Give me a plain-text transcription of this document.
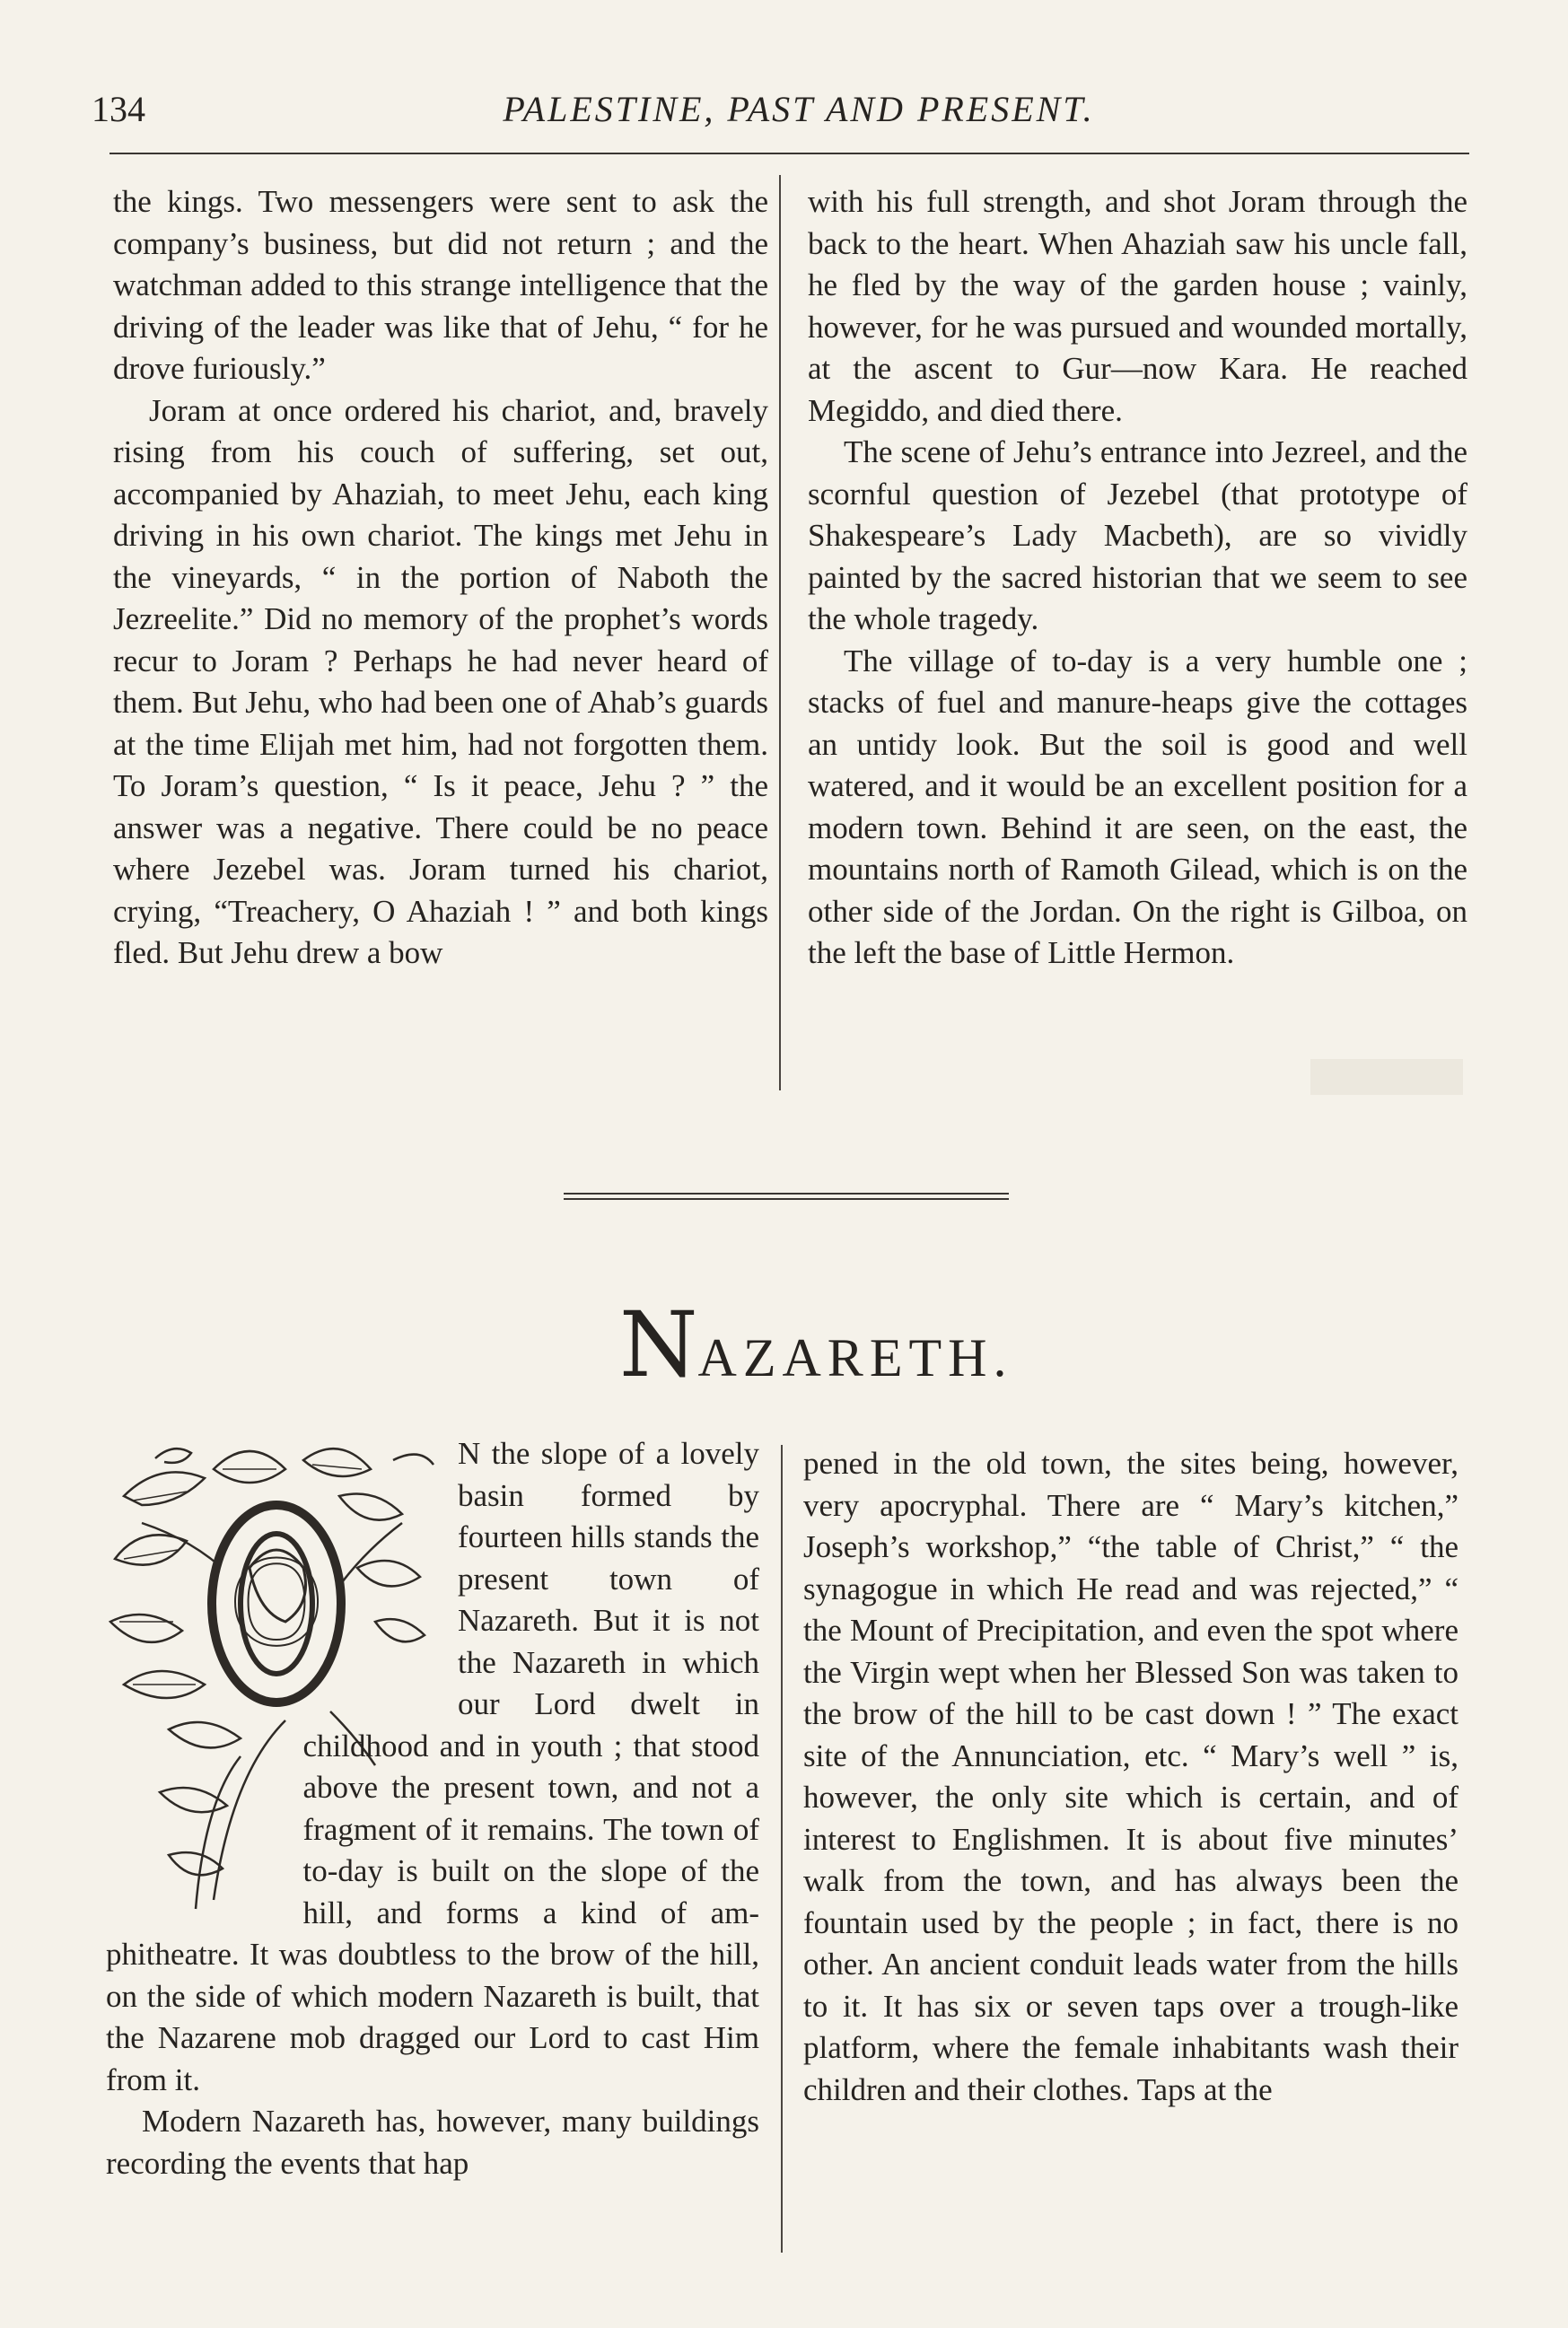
134	PALESTINE, PAST AND PRESENT.

the kings. Two messengers were sent to ask the company’s business, but did not return ; and the watchman added to this strange intelligence that the driving of the leader was like that of Jehu, “ for he drove furiously.”

Joram at once ordered his chariot, and, bravely rising from his couch of suffering, set out, accompanied by Ahaziah, to meet Jehu, each king driving in his own chariot. The kings met Jehu in the vineyards, “ in the portion of Naboth the Jezreelite.” Did no memory of the prophet’s words recur to Joram ? Perhaps he had never heard of them. But Jehu, who had been one of Ahab’s guards at the time Elijah met him, had not forgotten them. To Joram’s question, “ Is it peace, Jehu ? ” the answer was a negative. There could be no peace where Jezebel was. Joram turned his chariot, crying, “Treachery, O Ahaziah ! ” and both kings fled. But Jehu drew a bow

with his full strength, and shot Joram through the back to the heart. When Ahaziah saw his uncle fall, he fled by the way of the garden house ; vainly, however, for he was pursued and wounded mortally, at the ascent to Gur—now Kara. He reached Megiddo, and died there.

The scene of Jehu’s entrance into Jezreel, and the scornful question of Jezebel (that prototype of Shakespeare’s Lady Macbeth), are so vividly painted by the sacred historian that we seem to see the whole tragedy.

The village of to-day is a very humble one ; stacks of fuel and manure-heaps give the cottages an untidy look. But the soil is good and well watered, and it would be an excellent position for a modern town. Behind it are seen, on the east, the mountains north of Ramoth Gilead, which is on the other side of the Jordan. On the right is Gilboa, on the left the base of Little Hermon.

NAZARETH.
O

N the slope of a lovely basin formed by fourteen hills stands the present town of Nazareth. But it is not the Nazareth in which our Lord dwelt in childhood and in youth ; that stood above the present town, and not a fragment of it remains. The town of to-day is built on the slope of the hill, and forms a kind of amphitheatre. It was doubtless to the brow of the hill, on the side of which modern Nazareth is built, that the Nazarene mob dragged our Lord to cast Him from it.

Modern Nazareth has, however, many buildings recording the events that hap

pened in the old town, the sites being, however, very apocryphal. There are “ Mary’s kitchen,” Joseph’s workshop,” “the table of Christ,” “ the synagogue in which He read and was rejected,” “ the Mount of Precipitation, and even the spot where the Virgin wept when her Blessed Son was taken to the brow of the hill to be cast down ! ” The exact site of the Annunciation, etc. “ Mary’s well ” is, however, the only site which is certain, and of interest to Englishmen. It is about five minutes’ walk from the town, and has always been the fountain used by the people ; in fact, there is no other. An ancient conduit leads water from the hills to it. It has six or seven taps over a trough-like platform, where the female inhabitants wash their children and their clothes. Taps at the
